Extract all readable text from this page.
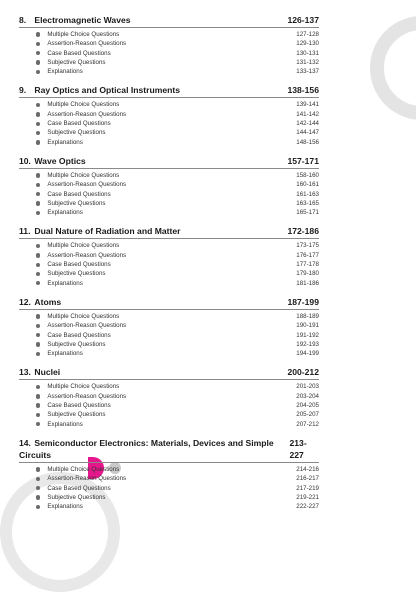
8. Electromagnetic Waves	126-137
Multiple Choice Questions	127-128
Assertion-Reason Questions	129-130
Case Based Questions	130-131
Subjective Questions	131-132
Explanations	133-137
9. Ray Optics and Optical Instruments	138-156
Multiple Choice Questions	139-141
Assertion-Reason Questions	141-142
Case Based Questions	142-144
Subjective Questions	144-147
Explanations	148-156
10. Wave Optics	157-171
Multiple Choice Questions	158-160
Assertion-Reason Questions	160-161
Case Based Questions	161-163
Subjective Questions	163-165
Explanations	165-171
11. Dual Nature of Radiation and Matter	172-186
Multiple Choice Questions	173-175
Assertion-Reason Questions	176-177
Case Based Questions	177-178
Subjective Questions	179-180
Explanations	181-186
12. Atoms	187-199
Multiple Choice Questions	188-189
Assertion-Reason Questions	190-191
Case Based Questions	191-192
Subjective Questions	192-193
Explanations	194-199
13. Nuclei	200-212
Multiple Choice Questions	201-203
Assertion-Reason Questions	203-204
Case Based Questions	204-205
Subjective Questions	205-207
Explanations	207-212
14. Semiconductor Electronics: Materials, Devices and Simple Circuits
213-227
Multiple Choice Questions	214-216
Assertion-Reason Questions	216-217
Case Based Questions	217-219
Subjective Questions	219-221
Explanations	222-227
